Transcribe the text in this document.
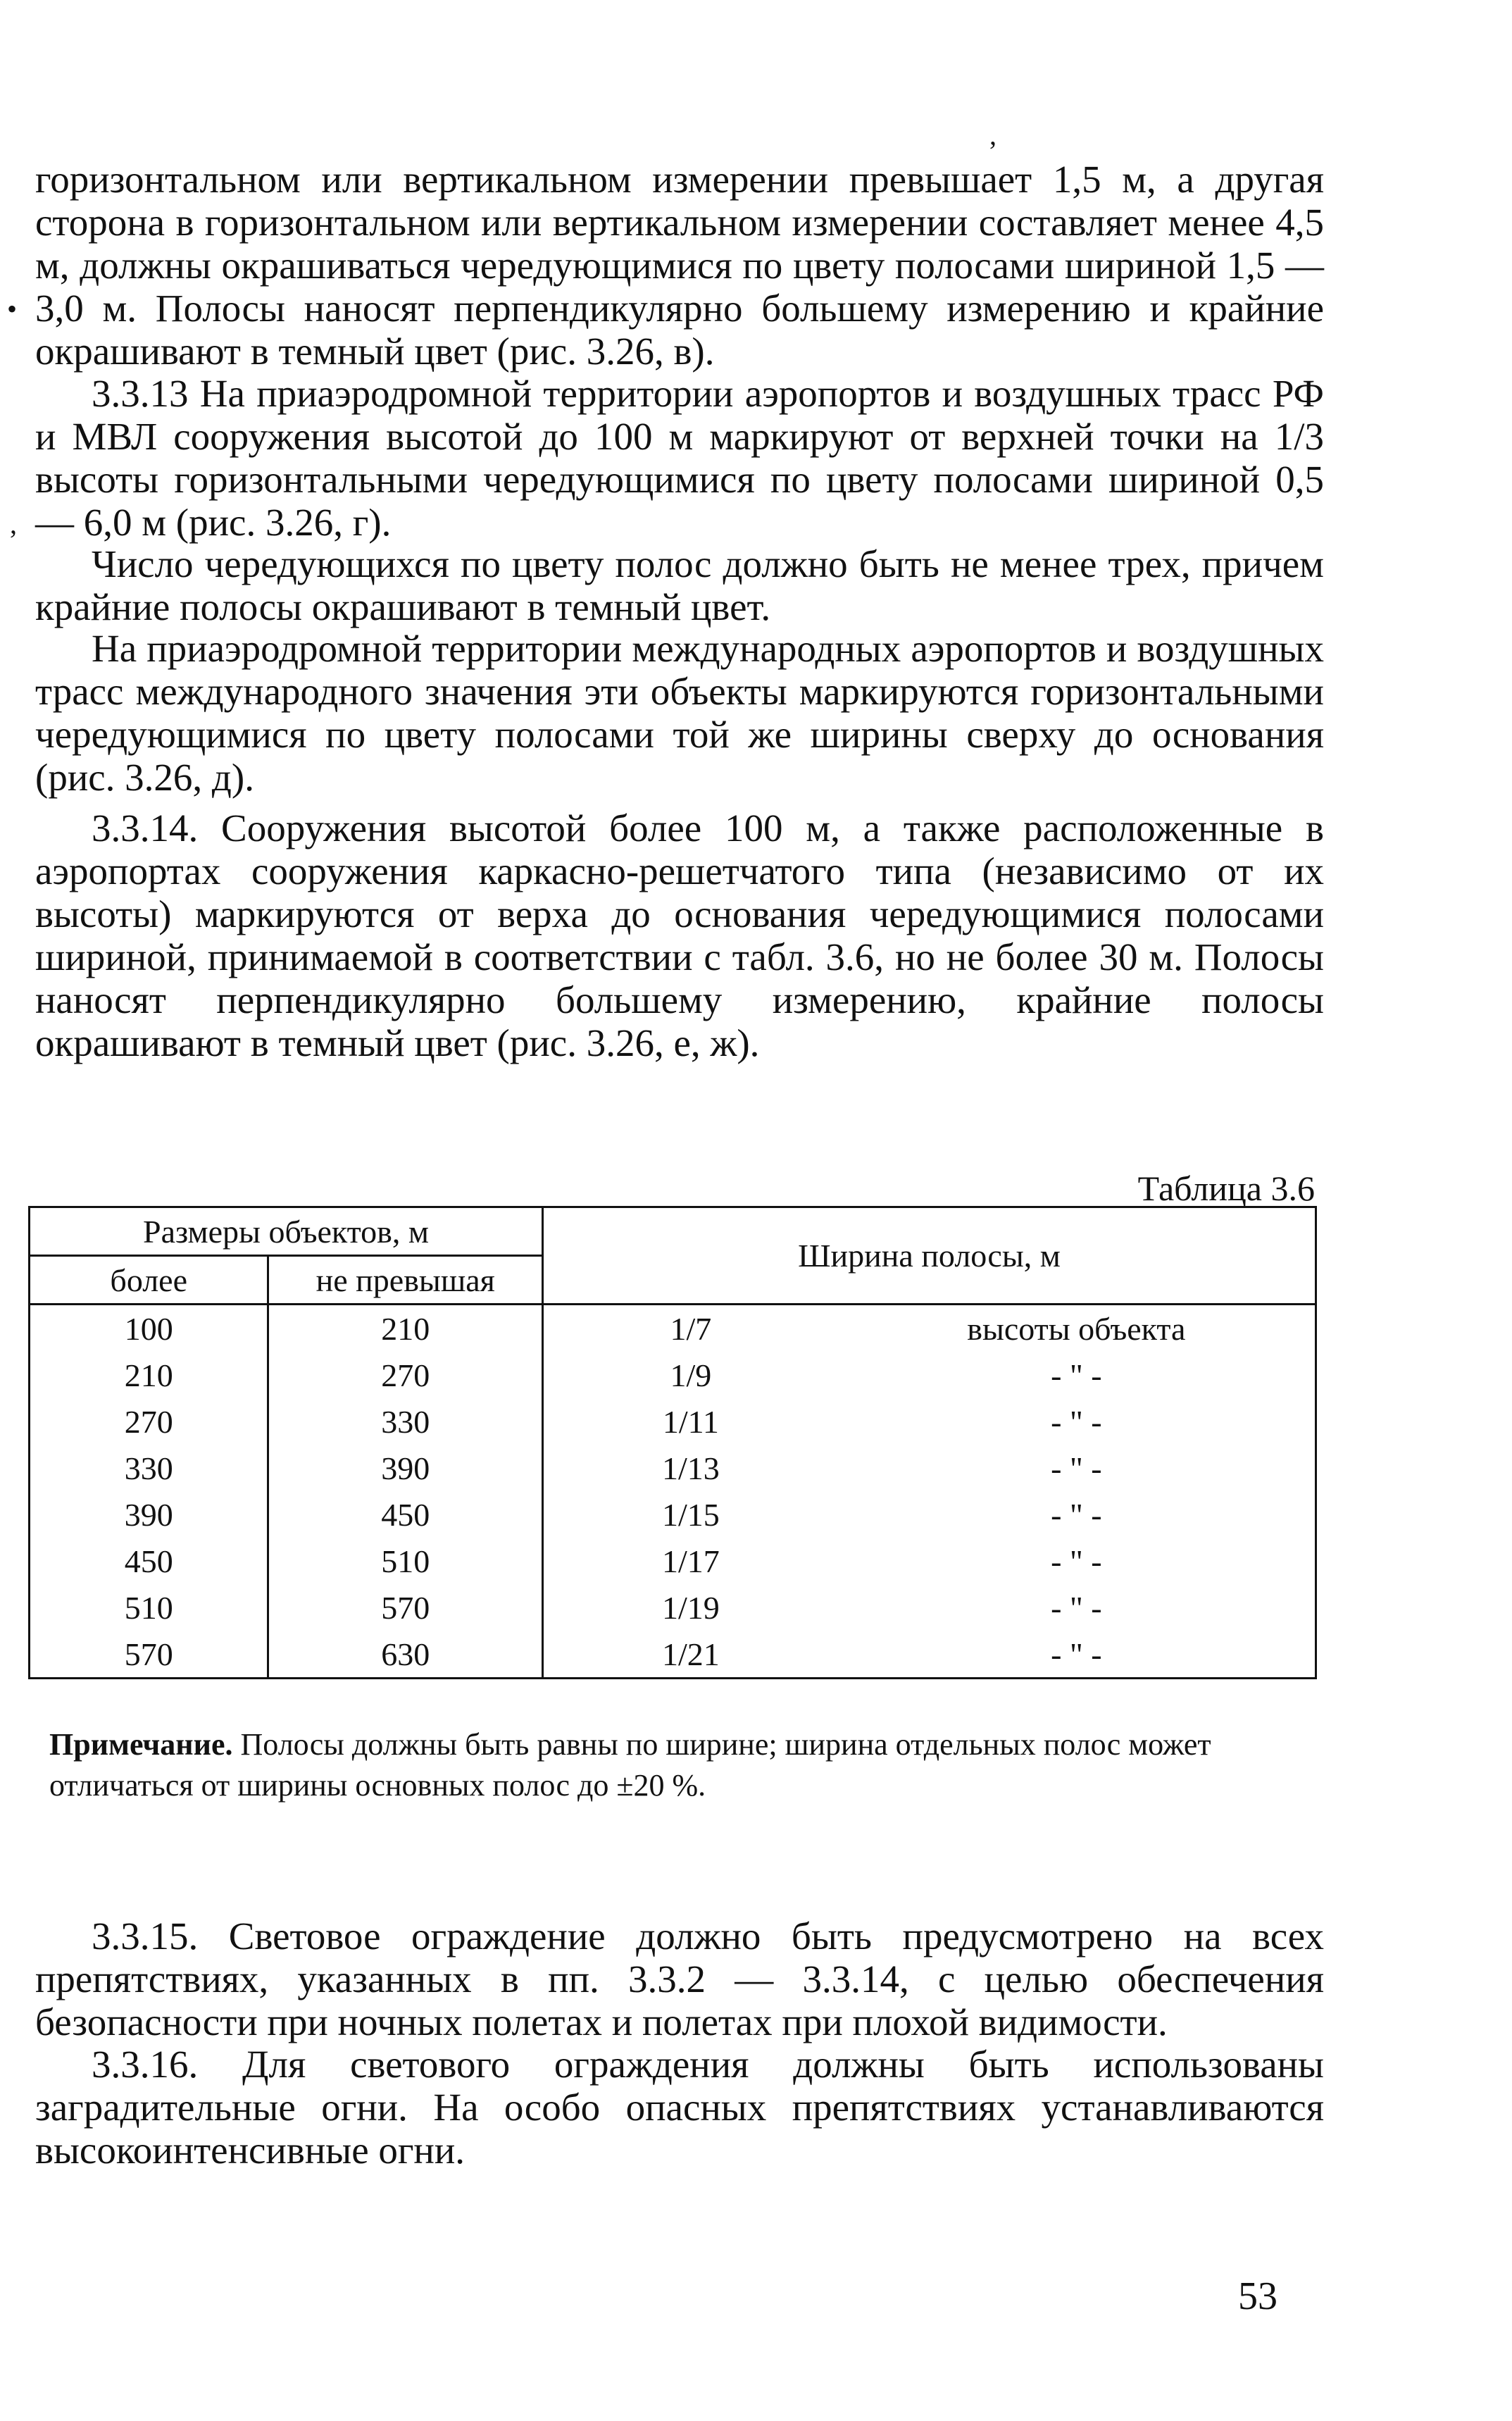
,
•
,

горизонтальном или вертикальном измерении превышает 1,5 м, а другая сторона в горизонтальном или вертикальном измерении составляет менее 4,5 м, должны окрашиваться чередующимися по цвету полосами шириной 1,5 — 3,0 м. Полосы наносят перпендикулярно большему измерению и крайние окрашивают в темный цвет (рис. 3.26, в).

3.3.13 На приаэродромной территории аэропортов и воздушных трасс РФ и МВЛ сооружения высотой до 100 м маркируют от верхней точки на 1/3 высоты горизонтальными чередующимися по цвету полосами шириной 0,5 — 6,0 м (рис. 3.26, г).

Число чередующихся по цвету полос должно быть не менее трех, причем крайние полосы окрашивают в темный цвет.

На приаэродромной территории международных аэропортов и воздушных трасс международного значения эти объекты маркируются горизонтальными чередующимися по цвету полосами той же ширины сверху до основания (рис. 3.26, д).

3.3.14. Сооружения высотой более 100 м, а также расположенные в аэропортах сооружения каркасно-решетчатого типа (независимо от их высоты) маркируются от верха до основания чередующимися полосами шириной, принимаемой в соответствии с табл. 3.6, но не более 30 м. Полосы наносят перпендикулярно большему измерению, крайние полосы окрашивают в темный цвет (рис. 3.26, е, ж).

Таблица 3.6
Размеры объектов, м		Ширина полосы, м	
более	не превышая		
100	210	1/7	высоты объекта
210	270	1/9	- " -
270	330	1/11	- " -
330	390	1/13	- " -
390	450	1/15	- " -
450	510	1/17	- " -
510	570	1/19	- " -
570	630	1/21	- " -

Примечание. Полосы должны быть равны по ширине; ширина отдельных полос может отличаться от ширины основных полос до ±20 %.

3.3.15. Световое ограждение должно быть предусмотрено на всех препятствиях, указанных в пп. 3.3.2 — 3.3.14, с целью обеспечения безопасности при ночных полетах и полетах при плохой видимости.

3.3.16. Для светового ограждения должны быть использованы заградительные огни. На особо опасных препятствиях устанавливаются высокоинтенсивные огни.

53
